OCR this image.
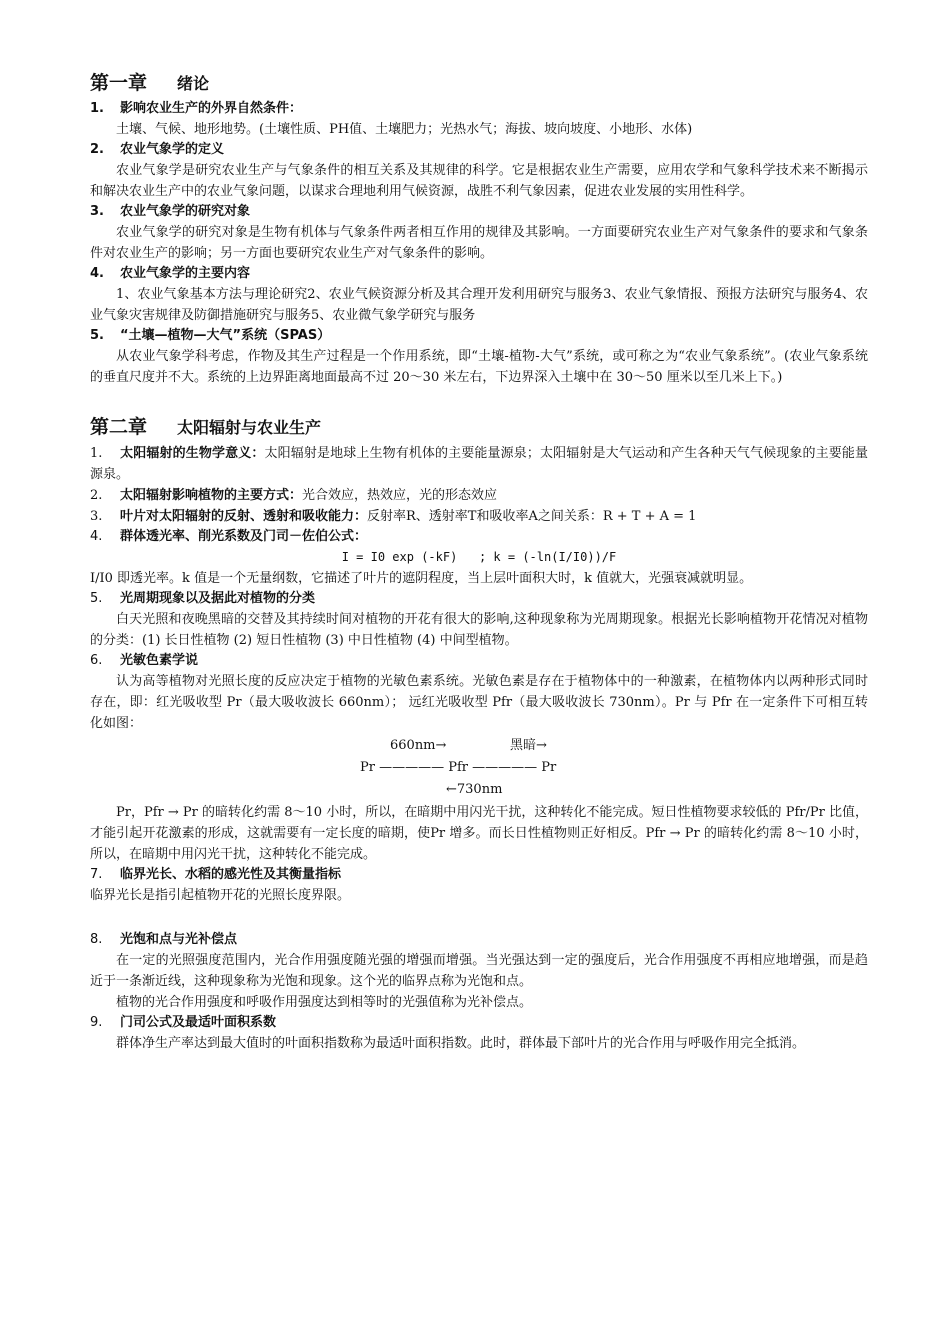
第一章 绪论
1.	影响农业生产的外界自然条件：

土壤、气候、地形地势。(土壤性质、PH值、土壤肥力；光热水气；海拔、坡向坡度、小地形、水体)

2.	农业气象学的定义

农业气象学是研究农业生产与气象条件的相互关系及其规律的科学。它是根据农业生产需要，应用农学和气象科学技术来不断揭示和解决农业生产中的农业气象问题，以谋求合理地利用气候资源，战胜不利气象因素，促进农业发展的实用性科学。

3.	农业气象学的研究对象

农业气象学的研究对象是生物有机体与气象条件两者相互作用的规律及其影响。一方面要研究农业生产对气象条件的要求和气象条件对农业生产的影响；另一方面也要研究农业生产对气象条件的影响。

4.	农业气象学的主要内容

1、农业气象基本方法与理论研究2、农业气候资源分析及其合理开发利用研究与服务3、农业气象情报、预报方法研究与服务4、农业气象灾害规律及防御措施研究与服务5、农业微气象学研究与服务

5.	“土壤—植物—大气”系统（SPAS）

从农业气象学科考虑，作物及其生产过程是一个作用系统，即“土壤-植物-大气”系统，或可称之为“农业气象系统”。(农业气象系统的垂直尺度并不大。系统的上边界距离地面最高不过 20～30 米左右，下边界深入土壤中在 30～50 厘米以至几米上下。)

第二章 太阳辐射与农业生产

1. 太阳辐射的生物学意义：太阳辐射是地球上生物有机体的主要能量源泉；太阳辐射是大气运动和产生各种天气气候现象的主要能量源泉。

2. 太阳辐射影响植物的主要方式：光合效应，热效应，光的形态效应

3. 叶片对太阳辐射的反射、透射和吸收能力：反射率R、透射率T和吸收率A之间关系：R + T + A = 1

4.	群体透光率、削光系数及门司－佐伯公式：
I = I0 exp (-kF)   ; k = (-ln(I/I0))/F

I/I0 即透光率。k 值是一个无量纲数，它描述了叶片的遮阴程度，当上层叶面积大时，k 值就大，光强衰减就明显。

5.	光周期现象以及据此对植物的分类

白天光照和夜晚黑暗的交替及其持续时间对植物的开花有很大的影响,这种现象称为光周期现象。根据光长影响植物开花情况对植物的分类：(1) 长日性植物 (2) 短日性植物 (3) 中日性植物 (4) 中间型植物。

6.	光敏色素学说

认为高等植物对光照长度的反应决定于植物的光敏色素系统。光敏色素是存在于植物体中的一种激素，在植物体内以两种形式同时存在，即：红光吸收型 Pr（最大吸收波长 660nm）； 远红光吸收型 Pfr（最大吸收波长 730nm）。Pr 与 Pfr 在一定条件下可相互转化如图：

660nm→	黑暗→
Pr ————— Pfr ————— Pr
←730nm

Pr，Pfr → Pr 的暗转化约需 8～10 小时，所以，在暗期中用闪光干扰，这种转化不能完成。短日性植物要求较低的 Pfr/Pr 比值，才能引起开花激素的形成，这就需要有一定长度的暗期，使Pr 增多。而长日性植物则正好相反。Pfr → Pr 的暗转化约需 8～10 小时，所以，在暗期中用闪光干扰，这种转化不能完成。

7.	临界光长、水稻的感光性及其衡量指标

临界光长是指引起植物开花的光照长度界限。

8.	光饱和点与光补偿点

在一定的光照强度范围内，光合作用强度随光强的增强而增强。当光强达到一定的强度后，光合作用强度不再相应地增强，而是趋近于一条渐近线，这种现象称为光饱和现象。这个光的临界点称为光饱和点。

植物的光合作用强度和呼吸作用强度达到相等时的光强值称为光补偿点。

9.	门司公式及最适叶面积系数

群体净生产率达到最大值时的叶面积指数称为最适叶面积指数。此时，群体最下部叶片的光合作用与呼吸作用完全抵消。
